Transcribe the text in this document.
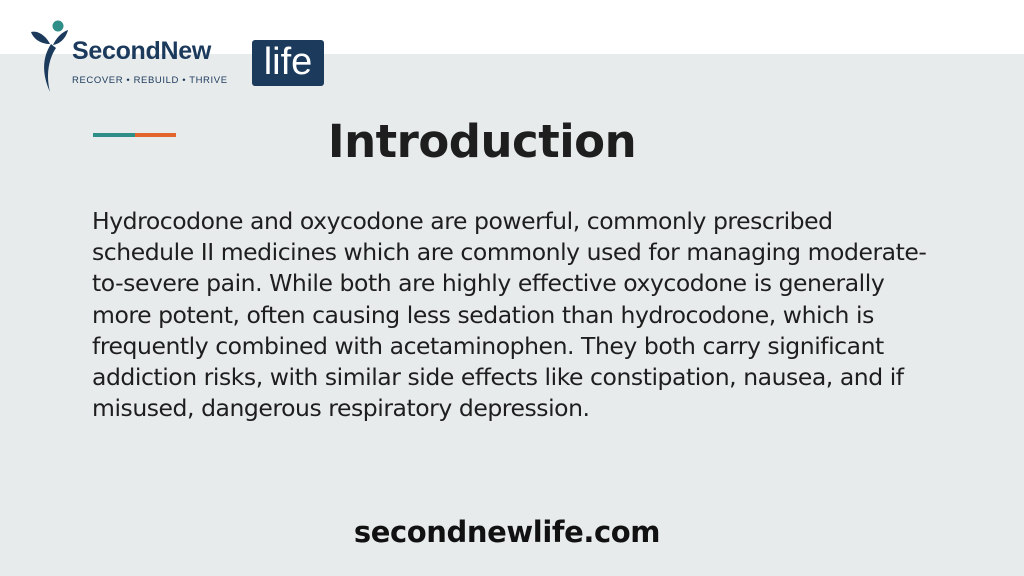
SecondNew	life
RECOVER • REBUILD • THRIVE
Introduction
Hydrocodone and oxycodone are powerful, commonly prescribed schedule II medicines which are commonly used for managing moderate-to-severe pain. While both are highly effective oxycodone is generally more potent, often causing less sedation than hydrocodone, which is frequently combined with acetaminophen. They both carry significant addiction risks, with similar side effects like constipation, nausea, and if misused, dangerous respiratory depression.
secondnewlife.com
